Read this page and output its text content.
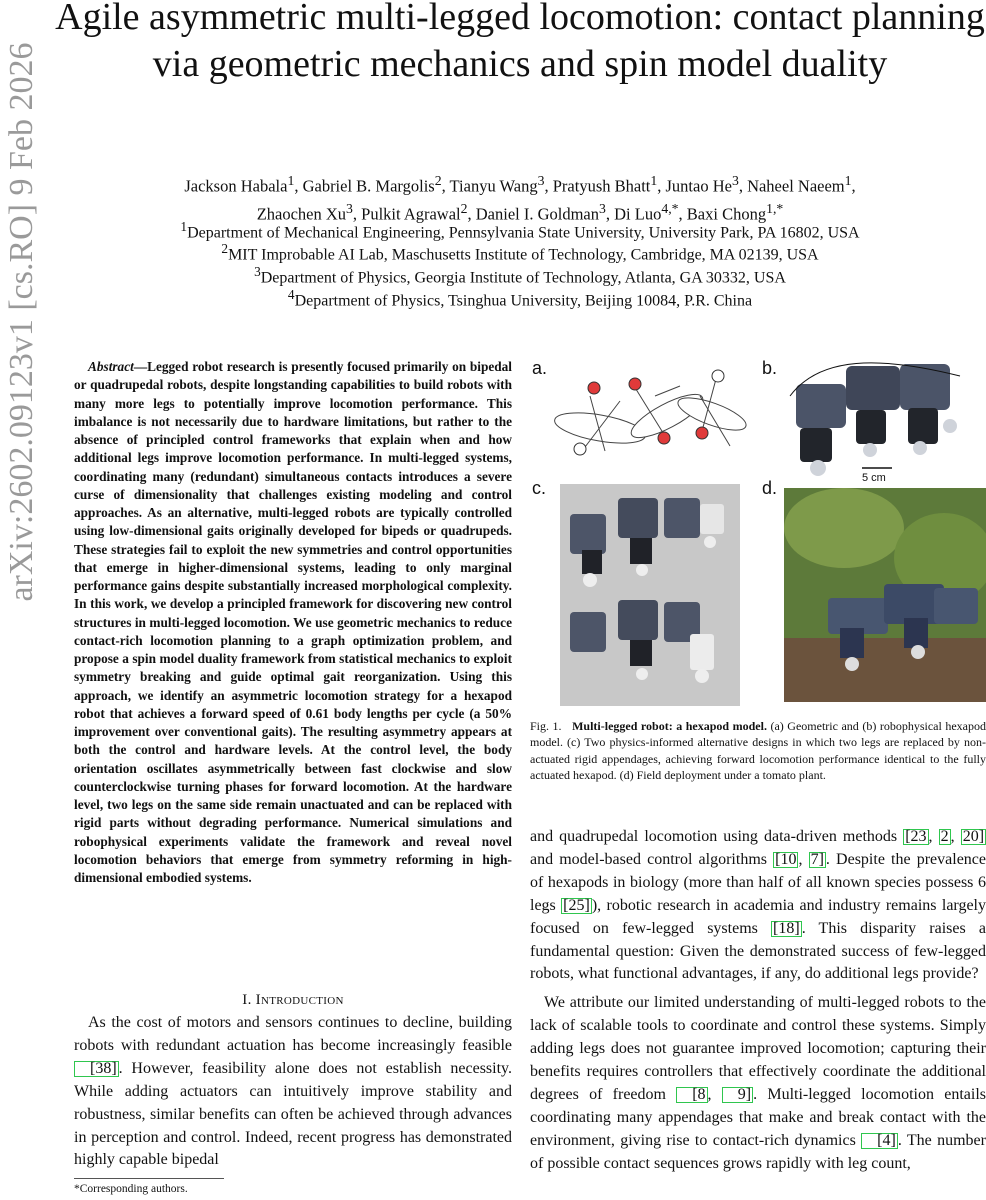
Agile asymmetric multi-legged locomotion: contact planning via geometric mechanics and spin model duality
Jackson Habala$^1$, Gabriel B. Margolis$^2$, Tianyu Wang$^3$, Pratyush Bhatt$^1$, Juntao He$^3$, Naheel Naeem$^1$,
Zhaochen Xu$^3$, Pulkit Agrawal$^2$, Daniel I. Goldman$^3$, Di Luo$^{4,*}$, Baxi Chong$^{1,*}$
$^1$Department of Mechanical Engineering, Pennsylvania State University, University Park, PA 16802, USA
$^2$MIT Improbable AI Lab, Maschusetts Institute of Technology, Cambridge, MA 02139, USA
$^3$Department of Physics, Georgia Institute of Technology, Atlanta, GA 30332, USA
$^4$Department of Physics, Tsinghua University, Beijing 10084, P.R. China
arXiv:2602.09123v1 [cs.RO] 9 Feb 2026	Abstract—Legged robot research is presently focused primarily on bipedal or quadrupedal robots, despite longstanding capabilities to build robots with many more legs to potentially improve locomotion performance. This imbalance is not necessarily due to hardware limitations, but rather to the absence of principled control frameworks that explain when and how additional legs improve locomotion performance. In multi-legged systems, coordinating many (redundant) simultaneous contacts introduces a severe curse of dimensionality that challenges existing modeling and control approaches. As an alternative, multi-legged robots are typically controlled using low-dimensional gaits originally developed for bipeds or quadrupeds. These strategies fail to exploit the new symmetries and control opportunities that emerge in higher-dimensional systems, leading to only marginal performance gains despite substantially increased morphological complexity. In this work, we develop a principled framework for discovering new control structures in multi-legged locomotion. We use geometric mechanics to reduce contact-rich locomotion planning to a graph optimization problem, and propose a spin model duality framework from statistical mechanics to exploit symmetry breaking and guide optimal gait reorganization. Using this approach, we identify an asymmetric locomotion strategy for a hexapod robot that achieves a forward speed of 0.61 body lengths per cycle (a 50% improvement over conventional gaits). The resulting asymmetry appears at both the control and hardware levels. At the control level, the body orientation oscillates asymmetrically between fast clockwise and slow counterclockwise turning phases for forward locomotion. At the hardware level, two legs on the same side remain unactuated and can be replaced with rigid parts without degrading performance. Numerical simulations and robophysical experiments validate the framework and reveal novel locomotion behaviors that emerge from symmetry reforming in high-dimensional embodied systems.
I. Introduction
As the cost of motors and sensors continues to decline, building robots with redundant actuation has become increasingly feasible [38] . However, feasibility alone does not establish necessity. While adding actuators can intuitively improve stability and robustness, similar benefits can often be achieved through advances in perception and control. Indeed, recent progress has demonstrated highly capable bipedal
*Corresponding authors.
a.	b.
5 cm
c.	d.
Fig. 1. Multi-legged robot: a hexapod model. (a) Geometric and (b) robophysical hexapod model. (c) Two physics-informed alternative designs in which two legs are replaced by non-actuated rigid appendages, achieving forward locomotion performance identical to the fully actuated hexapod. (d) Field deployment under a tomato plant.

and quadrupedal locomotion using data-driven methods [23 , 2 , 20] and model-based control algorithms [10 , 7] . Despite the prevalence of hexapods in biology (more than half of all known species possess 6 legs [25] ), robotic research in academia and industry remains largely focused on few-legged systems [18] . This disparity raises a fundamental question: Given the demonstrated success of few-legged robots, what functional advantages, if any, do additional legs provide?

We attribute our limited understanding of multi-legged robots to the lack of scalable tools to coordinate and control these systems. Simply adding legs does not guarantee improved locomotion; capturing their benefits requires controllers that effectively coordinate the additional degrees of freedom [8 , 9] . Multi-legged locomotion entails coordinating many appendages that make and break contact with the environment, giving rise to contact-rich dynamics [4] . The number of possible contact sequences grows rapidly with leg count,
